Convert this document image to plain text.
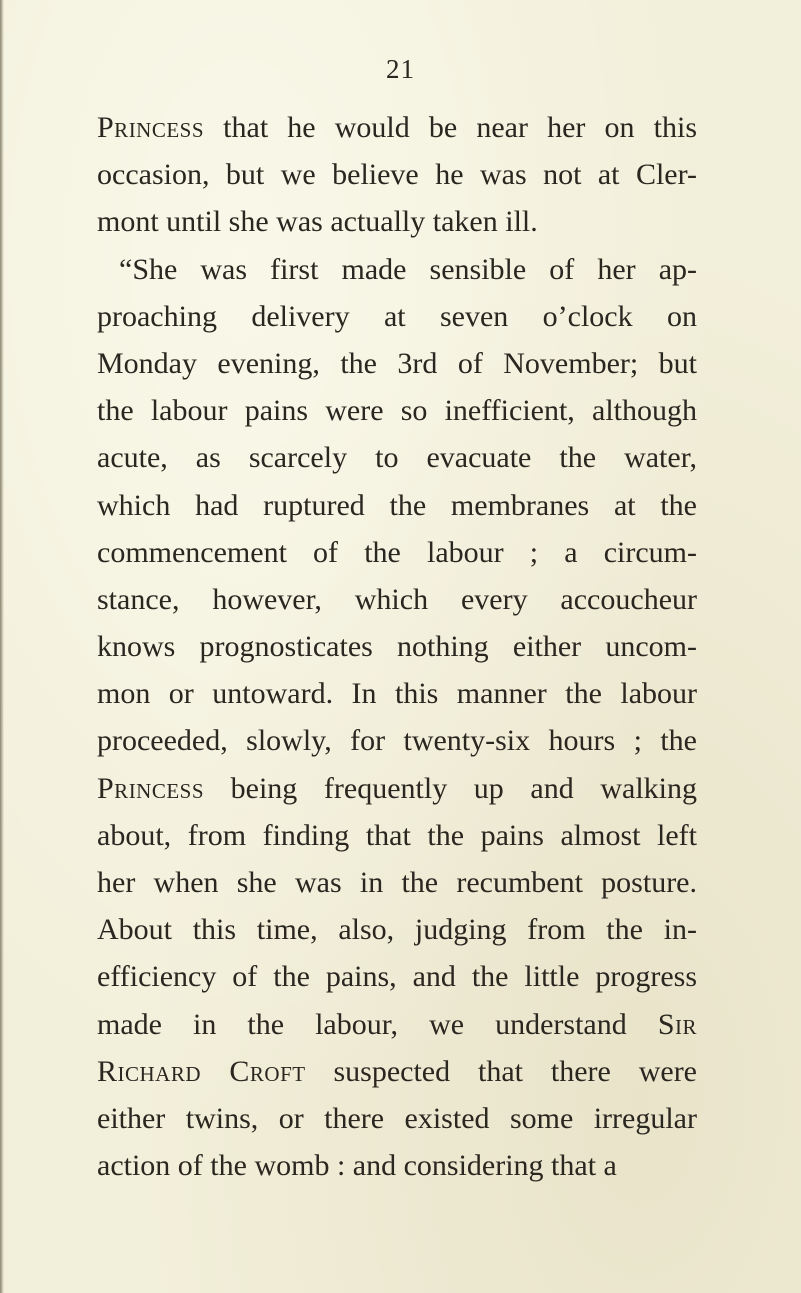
21
Princess that he would be near her on this
occasion, but we believe he was not at Cler-
mont until she was actually taken ill.
“She was first made sensible of her ap-
proaching delivery at seven o’clock on
Monday evening, the 3rd of November; but
the labour pains were so inefficient, although
acute, as scarcely to evacuate the water,
which had ruptured the membranes at the
commencement of the labour ; a circum-
stance, however, which every accoucheur
knows prognosticates nothing either uncom-
mon or untoward. In this manner the labour
proceeded, slowly, for twenty-six hours ; the
Princess being frequently up and walking
about, from finding that the pains almost left
her when she was in the recumbent posture.
About this time, also, judging from the in-
efficiency of the pains, and the little progress
made in the labour, we understand Sir
Richard Croft suspected that there were
either twins, or there existed some irregular
action of the womb : and considering that a
